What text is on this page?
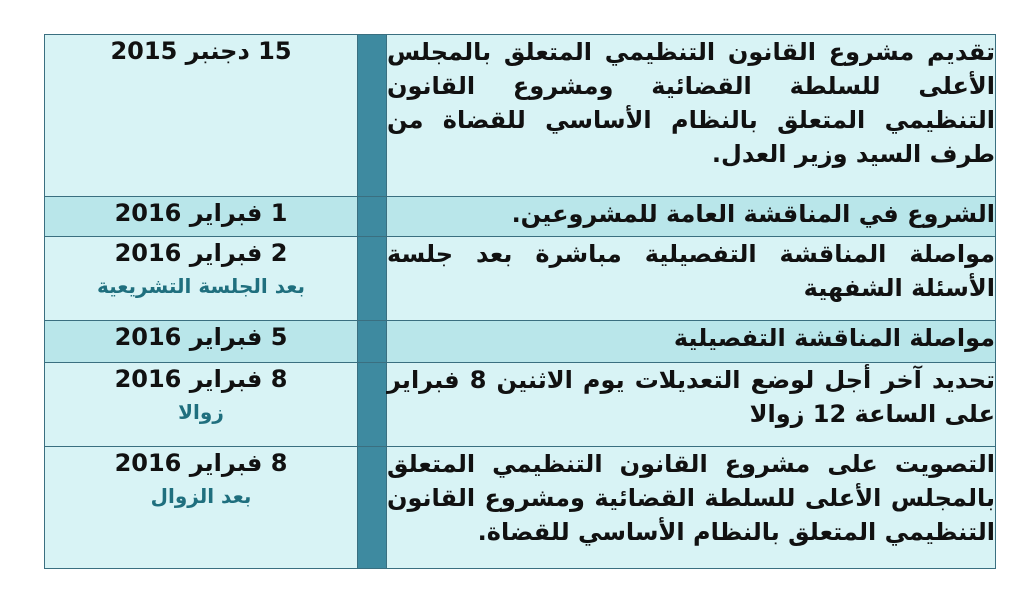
15 دجنبر 2015		تقديم مشروع القانون التنظيمي المتعلق بالمجلس الأعلى للسلطة القضائية ومشروع القانون التنظيمي المتعلق بالنظام الأساسي للقضاة من طرف السيد وزير العدل.

1 فبراير 2016		الشروع في المناقشة العامة للمشروعين.

2 فبراير 2016
بعد الجلسة التشريعية		مواصلة المناقشة التفصيلية مباشرة بعد جلسة الأسئلة الشفهية

5 فبراير 2016		مواصلة المناقشة التفصيلية

8 فبراير 2016
زوالا		تحديد آخر أجل لوضع التعديلات يوم الاثنين 8 فبراير على الساعة 12 زوالا

8 فبراير 2016
بعد الزوال		التصويت على مشروع القانون التنظيمي المتعلق بالمجلس الأعلى للسلطة القضائية ومشروع القانون التنظيمي المتعلق بالنظام الأساسي للقضاة.
